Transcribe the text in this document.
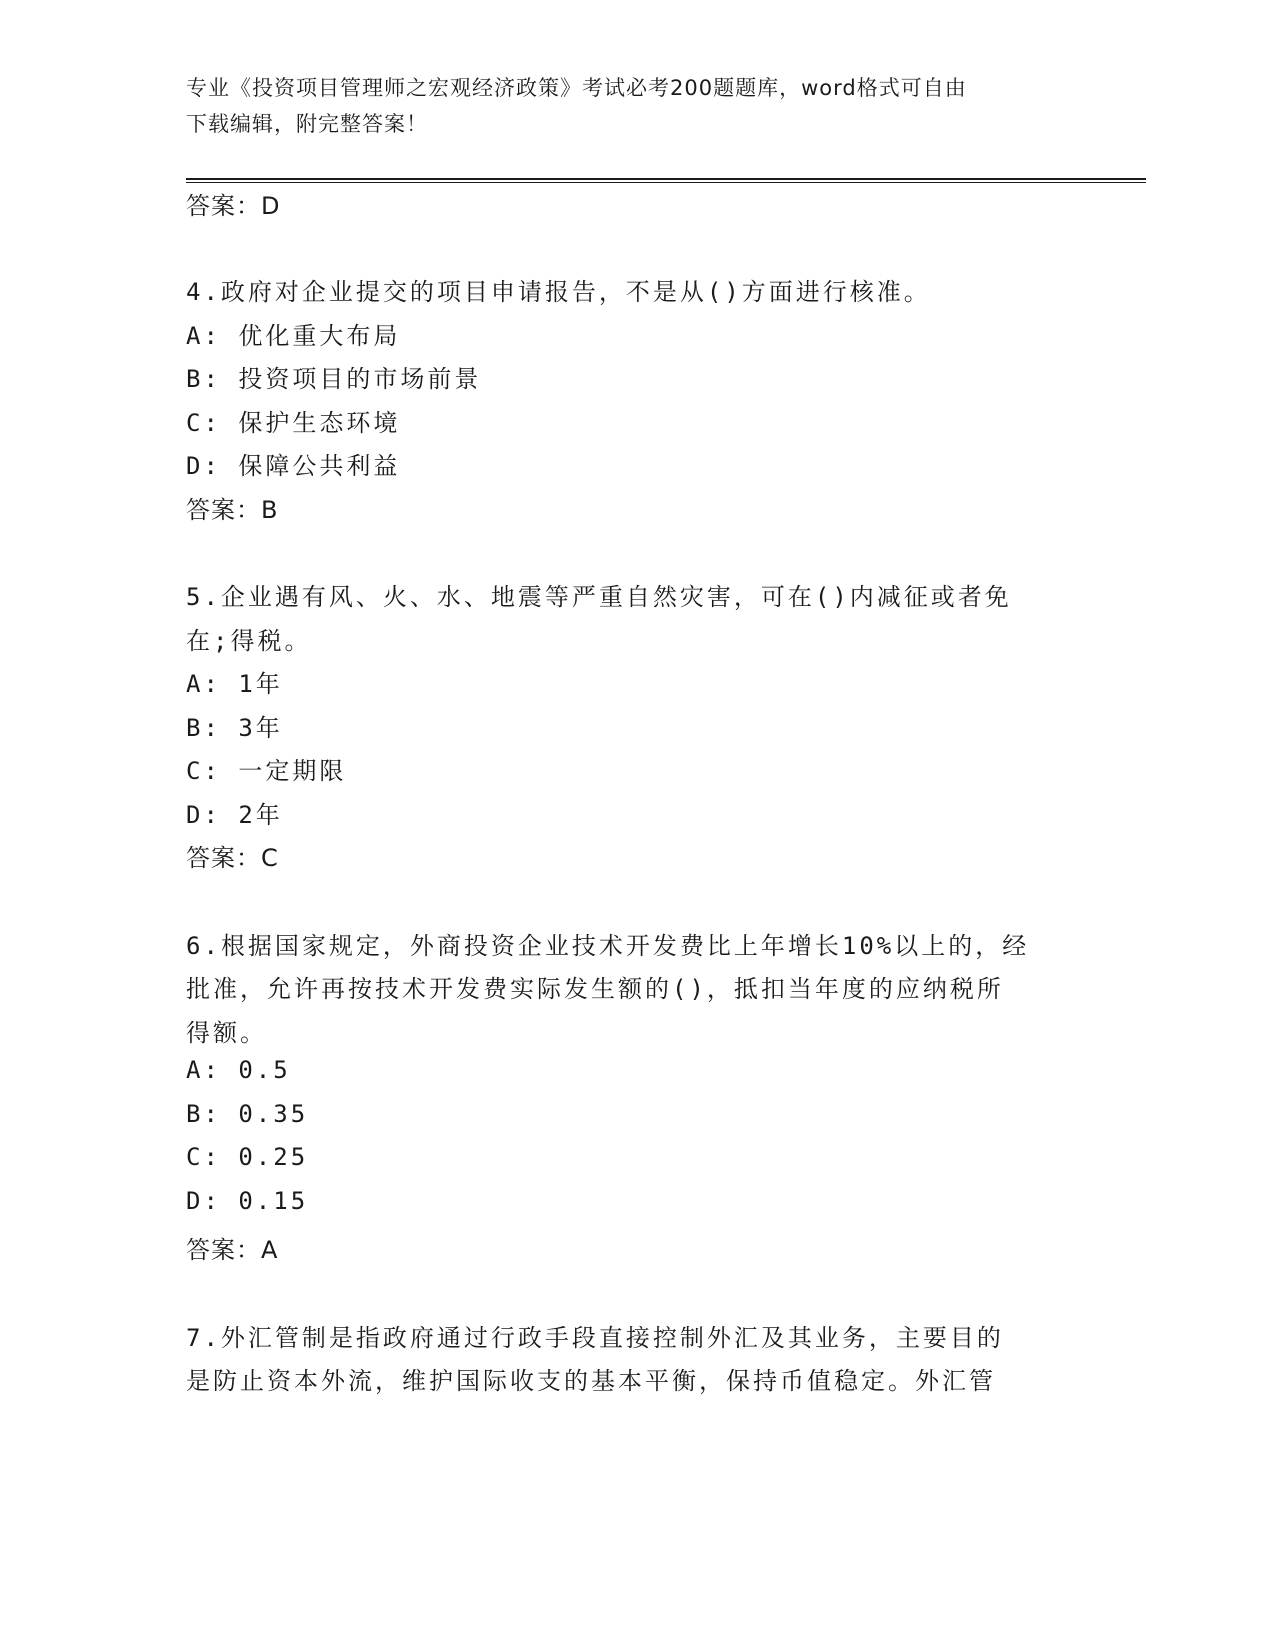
专业《投资项目管理师之宏观经济政策》考试必考200题题库，word格式可自由
下载编辑，附完整答案！
答案：D
4.政府对企业提交的项目申请报告，不是从()方面进行核准。
A: 优化重大布局
B: 投资项目的市场前景
C: 保护生态环境
D: 保障公共利益
答案：B
5.企业遇有风、火、水、地震等严重自然灾害，可在()内减征或者免
在;得税。
A: 1年
B: 3年
C: 一定期限
D: 2年
答案：C
6.根据国家规定，外商投资企业技术开发费比上年增长10%以上的，经
批准，允许再按技术开发费实际发生额的()，抵扣当年度的应纳税所
得额。
A: 0.5
B: 0.35
C: 0.25
D: 0.15
答案：A
7.外汇管制是指政府通过行政手段直接控制外汇及其业务，主要目的
是防止资本外流，维护国际收支的基本平衡，保持币值稳定。外汇管
